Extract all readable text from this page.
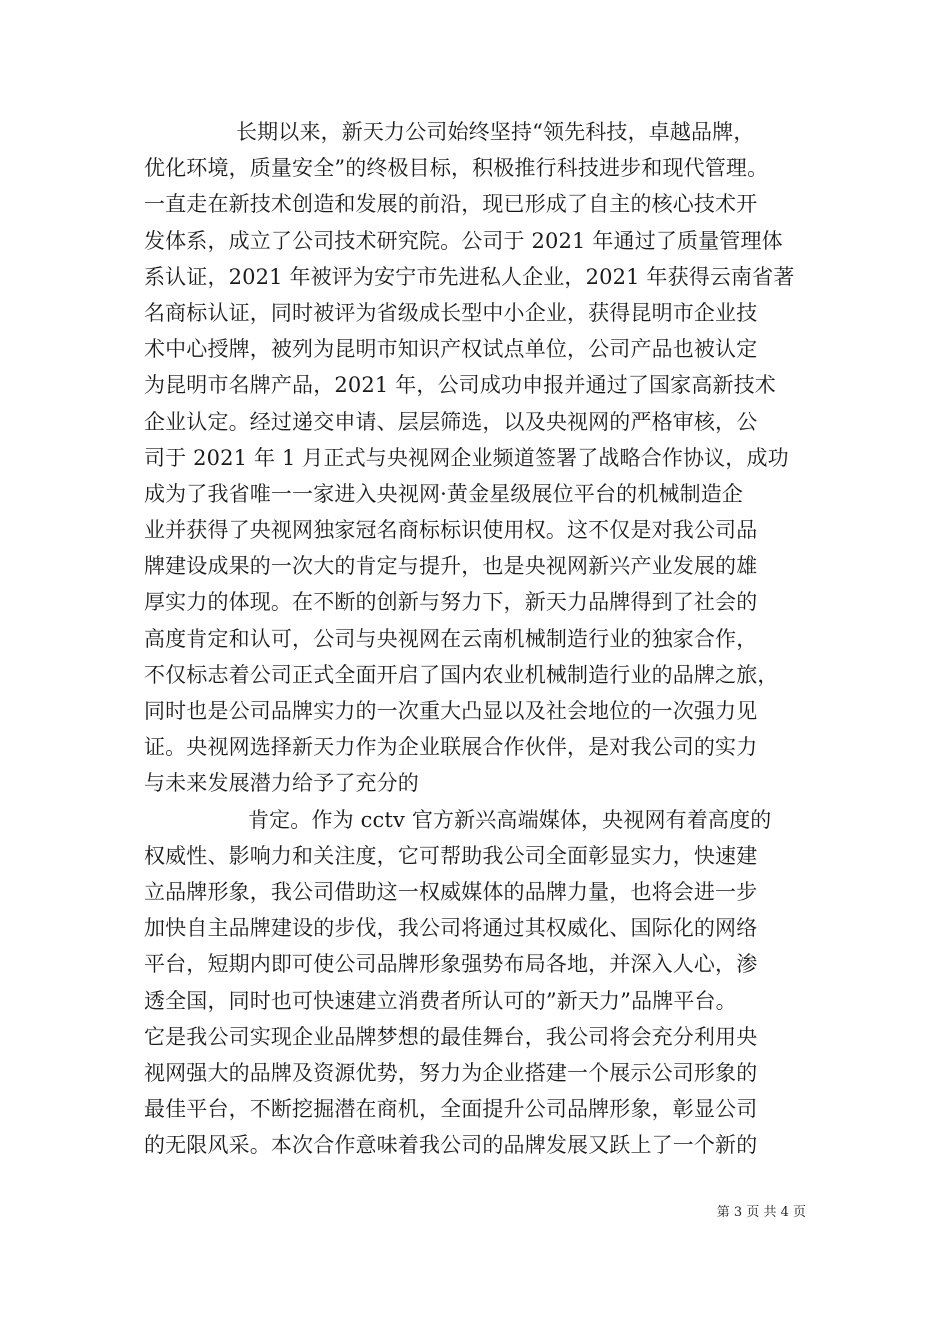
长期以来，新天力公司始终坚持“领先科技，卓越品牌，
优化环境，质量安全”的终极目标，积极推行科技进步和现代管理。
一直走在新技术创造和发展的前沿，现已形成了自主的核心技术开
发体系，成立了公司技术研究院。公司于 2021 年通过了质量管理体
系认证，2021 年被评为安宁市先进私人企业，2021 年获得云南省著
名商标认证，同时被评为省级成长型中小企业，获得昆明市企业技
术中心授牌，被列为昆明市知识产权试点单位，公司产品也被认定
为昆明市名牌产品，2021 年，公司成功申报并通过了国家高新技术
企业认定。经过递交申请、层层筛选，以及央视网的严格审核，公
司于 2021 年 1 月正式与央视网企业频道签署了战略合作协议，成功
成为了我省唯一一家进入央视网·黄金星级展位平台的机械制造企
业并获得了央视网独家冠名商标标识使用权。这不仅是对我公司品
牌建设成果的一次大的肯定与提升，也是央视网新兴产业发展的雄
厚实力的体现。在不断的创新与努力下，新天力品牌得到了社会的
高度肯定和认可，公司与央视网在云南机械制造行业的独家合作，
不仅标志着公司正式全面开启了国内农业机械制造行业的品牌之旅，
同时也是公司品牌实力的一次重大凸显以及社会地位的一次强力见
证。央视网选择新天力作为企业联展合作伙伴，是对我公司的实力
与未来发展潜力给予了充分的
肯定。作为 cctv 官方新兴高端媒体，央视网有着高度的
权威性、影响力和关注度，它可帮助我公司全面彰显实力，快速建
立品牌形象，我公司借助这一权威媒体的品牌力量，也将会进一步
加快自主品牌建设的步伐，我公司将通过其权威化、国际化的网络
平台，短期内即可使公司品牌形象强势布局各地，并深入人心，渗
透全国，同时也可快速建立消费者所认可的”新天力”品牌平台。
它是我公司实现企业品牌梦想的最佳舞台，我公司将会充分利用央
视网强大的品牌及资源优势，努力为企业搭建一个展示公司形象的
最佳平台，不断挖掘潜在商机，全面提升公司品牌形象，彰显公司
的无限风采。本次合作意味着我公司的品牌发展又跃上了一个新的
第 3 页 共 4 页
